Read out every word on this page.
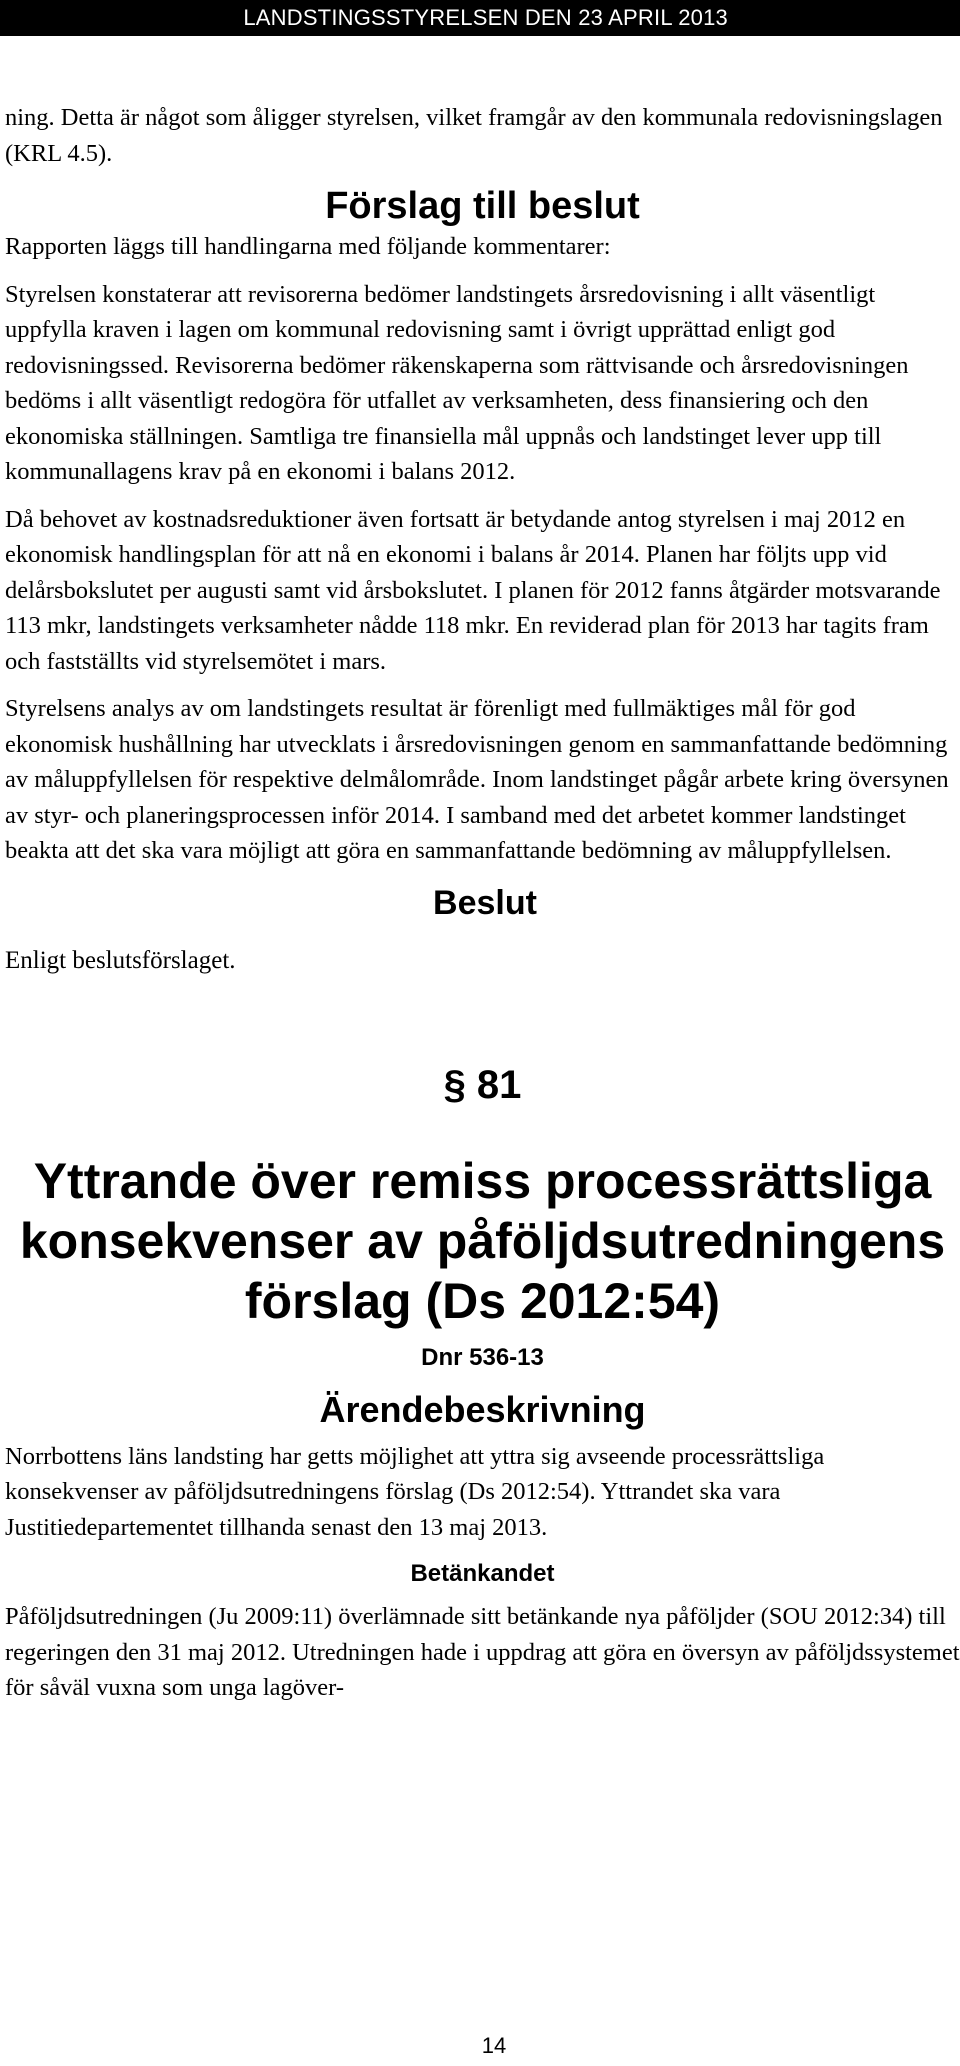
LANDSTINGSSTYRELSEN DEN 23 APRIL 2013

ning. Detta är något som åligger styrelsen, vilket framgår av den kommunala redovisningslagen (KRL 4.5).

Förslag till beslut

Rapporten läggs till handlingarna med följande kommentarer:

Styrelsen konstaterar att revisorerna bedömer landstingets årsredovisning i allt väsentligt uppfylla kraven i lagen om kommunal redovisning samt i övrigt upprättad enligt god redovisningssed. Revisorerna bedömer räkenskaperna som rättvisande och årsredovisningen bedöms i allt väsentligt redogöra för utfallet av verksamheten, dess finansiering och den ekonomiska ställningen. Samtliga tre finansiella mål uppnås och landstinget lever upp till kommunallagens krav på en ekonomi i balans 2012.

Då behovet av kostnadsreduktioner även fortsatt är betydande antog styrelsen i maj 2012 en ekonomisk handlingsplan för att nå en ekonomi i balans år 2014. Planen har följts upp vid delårsbokslutet per augusti samt vid årsbokslutet. I planen för 2012 fanns åtgärder motsvarande 113 mkr, landstingets verksamheter nådde 118 mkr. En reviderad plan för 2013 har tagits fram och fastställts vid styrelsemötet i mars.

Styrelsens analys av om landstingets resultat är förenligt med fullmäktiges mål för god ekonomisk hushållning har utvecklats i årsredovisningen genom en sammanfattande bedömning av måluppfyllelsen för respektive delmålområde. Inom landstinget pågår arbete kring översynen av styr- och planeringsprocessen inför 2014. I samband med det arbetet kommer landstinget beakta att det ska vara möjligt att göra en sammanfattande bedömning av måluppfyllelsen.

Beslut

Enligt beslutsförslaget.

§ 81

Yttrande över remiss processrättsliga konsekvenser av påföljdsutredningens förslag (Ds 2012:54)

Dnr 536-13

Ärendebeskrivning

Norrbottens läns landsting har getts möjlighet att yttra sig avseende processrättsliga konsekvenser av påföljdsutredningens förslag (Ds 2012:54). Yttrandet ska vara Justitiedepartementet tillhanda senast den 13 maj 2013.

Betänkandet

Påföljdsutredningen (Ju 2009:11) överlämnade sitt betänkande nya påföljder (SOU 2012:34) till regeringen den 31 maj 2012. Utredningen hade i uppdrag att göra en översyn av påföljdssystemet för såväl vuxna som unga lagöver-

14
